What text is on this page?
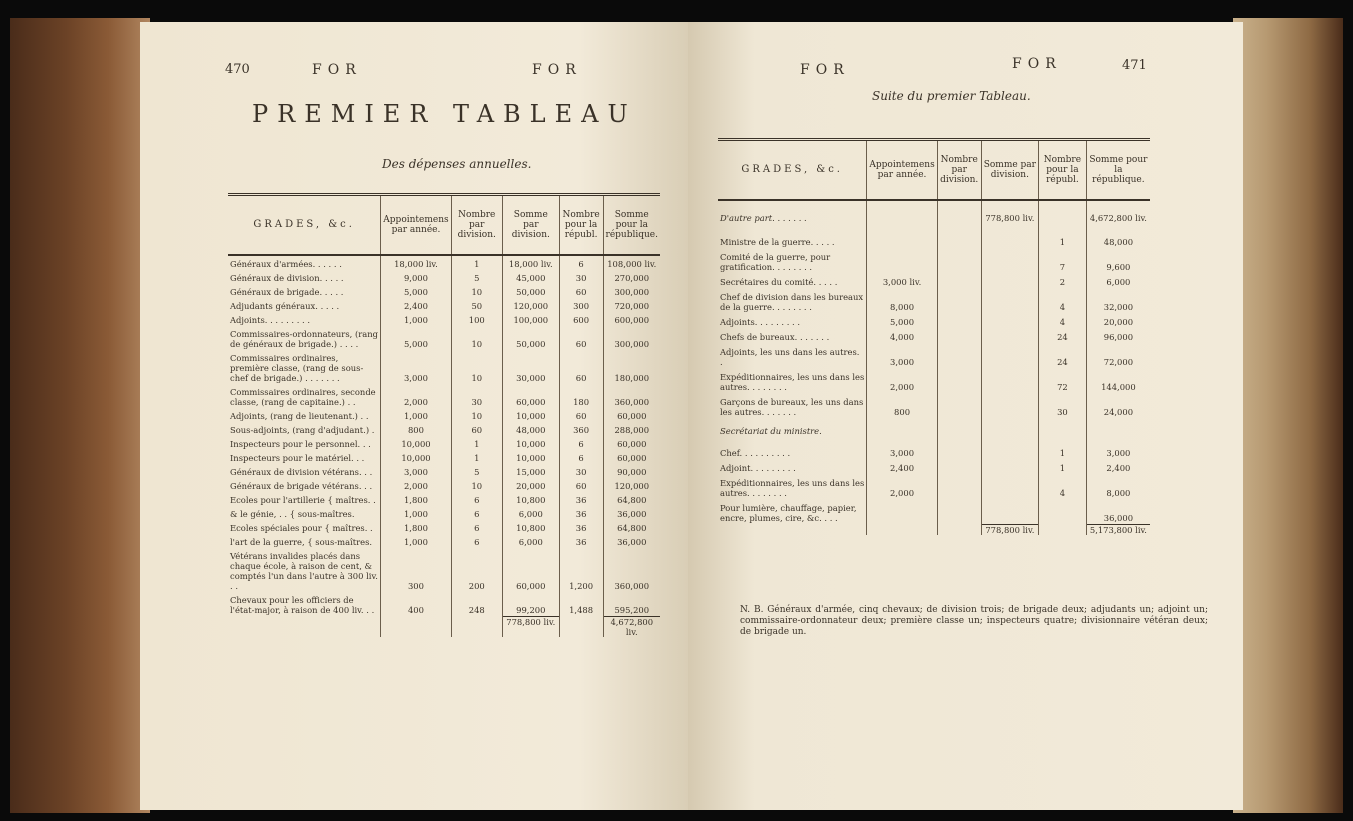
470	FOR	FOR
PREMIER TABLEAU
Des dépenses annuelles.
GRADES, &c.	Appointemens par année.	Nombre par division.	Somme par division.	Nombre pour la républ.	Somme pour la république.
Généraux d'armées. . . . . .	18,000 liv.	1	18,000 liv.	6	108,000 liv.
Généraux de division. . . . .	9,000	5	45,000	30	270,000
Généraux de brigade. . . . .	5,000	10	50,000	60	300,000
Adjudants généraux. . . . .	2,400	50	120,000	300	720,000
Adjoints. . . . . . . . .	1,000	100	100,000	600	600,000
Commissaires-ordonnateurs, (rang de généraux de brigade.) . . . .	5,000	10	50,000	60	300,000
Commissaires ordinaires, première classe, (rang de sous-chef de brigade.) . . . . . . .	3,000	10	30,000	60	180,000
Commissaires ordinaires, seconde classe, (rang de capitaine.) . .	2,000	30	60,000	180	360,000
Adjoints, (rang de lieutenant.) . .	1,000	10	10,000	60	60,000
Sous-adjoints, (rang d'adjudant.) .	800	60	48,000	360	288,000
Inspecteurs pour le personnel. . .	10,000	1	10,000	6	60,000
Inspecteurs pour le matériel. . .	10,000	1	10,000	6	60,000
Généraux de division vétérans. . .	3,000	5	15,000	30	90,000
Généraux de brigade vétérans. . .	2,000	10	20,000	60	120,000
Ecoles pour l'artillerie { maîtres. .	1,800	6	10,800	36	64,800
& le génie, . . { sous-maîtres.	1,000	6	6,000	36	36,000
Ecoles spéciales pour { maîtres. .	1,800	6	10,800	36	64,800
l'art de la guerre, { sous-maîtres.	1,000	6	6,000	36	36,000
Vétérans invalides placés dans chaque école, à raison de cent, & comptés l'un dans l'autre à 300 liv. . .	300	200	60,000	1,200	360,000
Chevaux pour les officiers de l'état-major, à raison de 400 liv. . .	400	248	99,200	1,488	595,200
			778,800 liv.		4,672,800 liv.
FOR	FOR	471
Suite du premier Tableau.
GRADES, &c.	Appointemens par année.	Nombre par division.	Somme par division.	Nombre pour la républ.	Somme pour la république.
D'autre part. . . . . . .			778,800 liv.		4,672,800 liv.
Ministre de la guerre. . . . .				1	48,000
Comité de la guerre, pour gratification. . . . . . . .				7	9,600
Secrétaires du comité. . . . .	3,000 liv.			2	6,000
Chef de division dans les bureaux de la guerre. . . . . . . .	8,000			4	32,000
Adjoints. . . . . . . . .	5,000			4	20,000
Chefs de bureaux. . . . . . .	4,000			24	96,000
Adjoints, les uns dans les autres. .	3,000			24	72,000
Expéditionnaires, les uns dans les autres. . . . . . . .	2,000			72	144,000
Garçons de bureaux, les uns dans les autres. . . . . . .	800			30	24,000
Secrétariat du ministre.					
Chef. . . . . . . . . .	3,000			1	3,000
Adjoint. . . . . . . . .	2,400			1	2,400
Expéditionnaires, les uns dans les autres. . . . . . . .	2,000			4	8,000
Pour lumière, chauffage, papier, encre, plumes, cire, &c. . . .					36,000
			778,800 liv.		5,173,800 liv.
N. B. Généraux d'armée, cinq chevaux; de division trois; de brigade deux; adjudants un; adjoint un; commissaire-ordonnateur deux; première classe un; inspecteurs quatre; divisionnaire vétéran deux; de brigade un.
